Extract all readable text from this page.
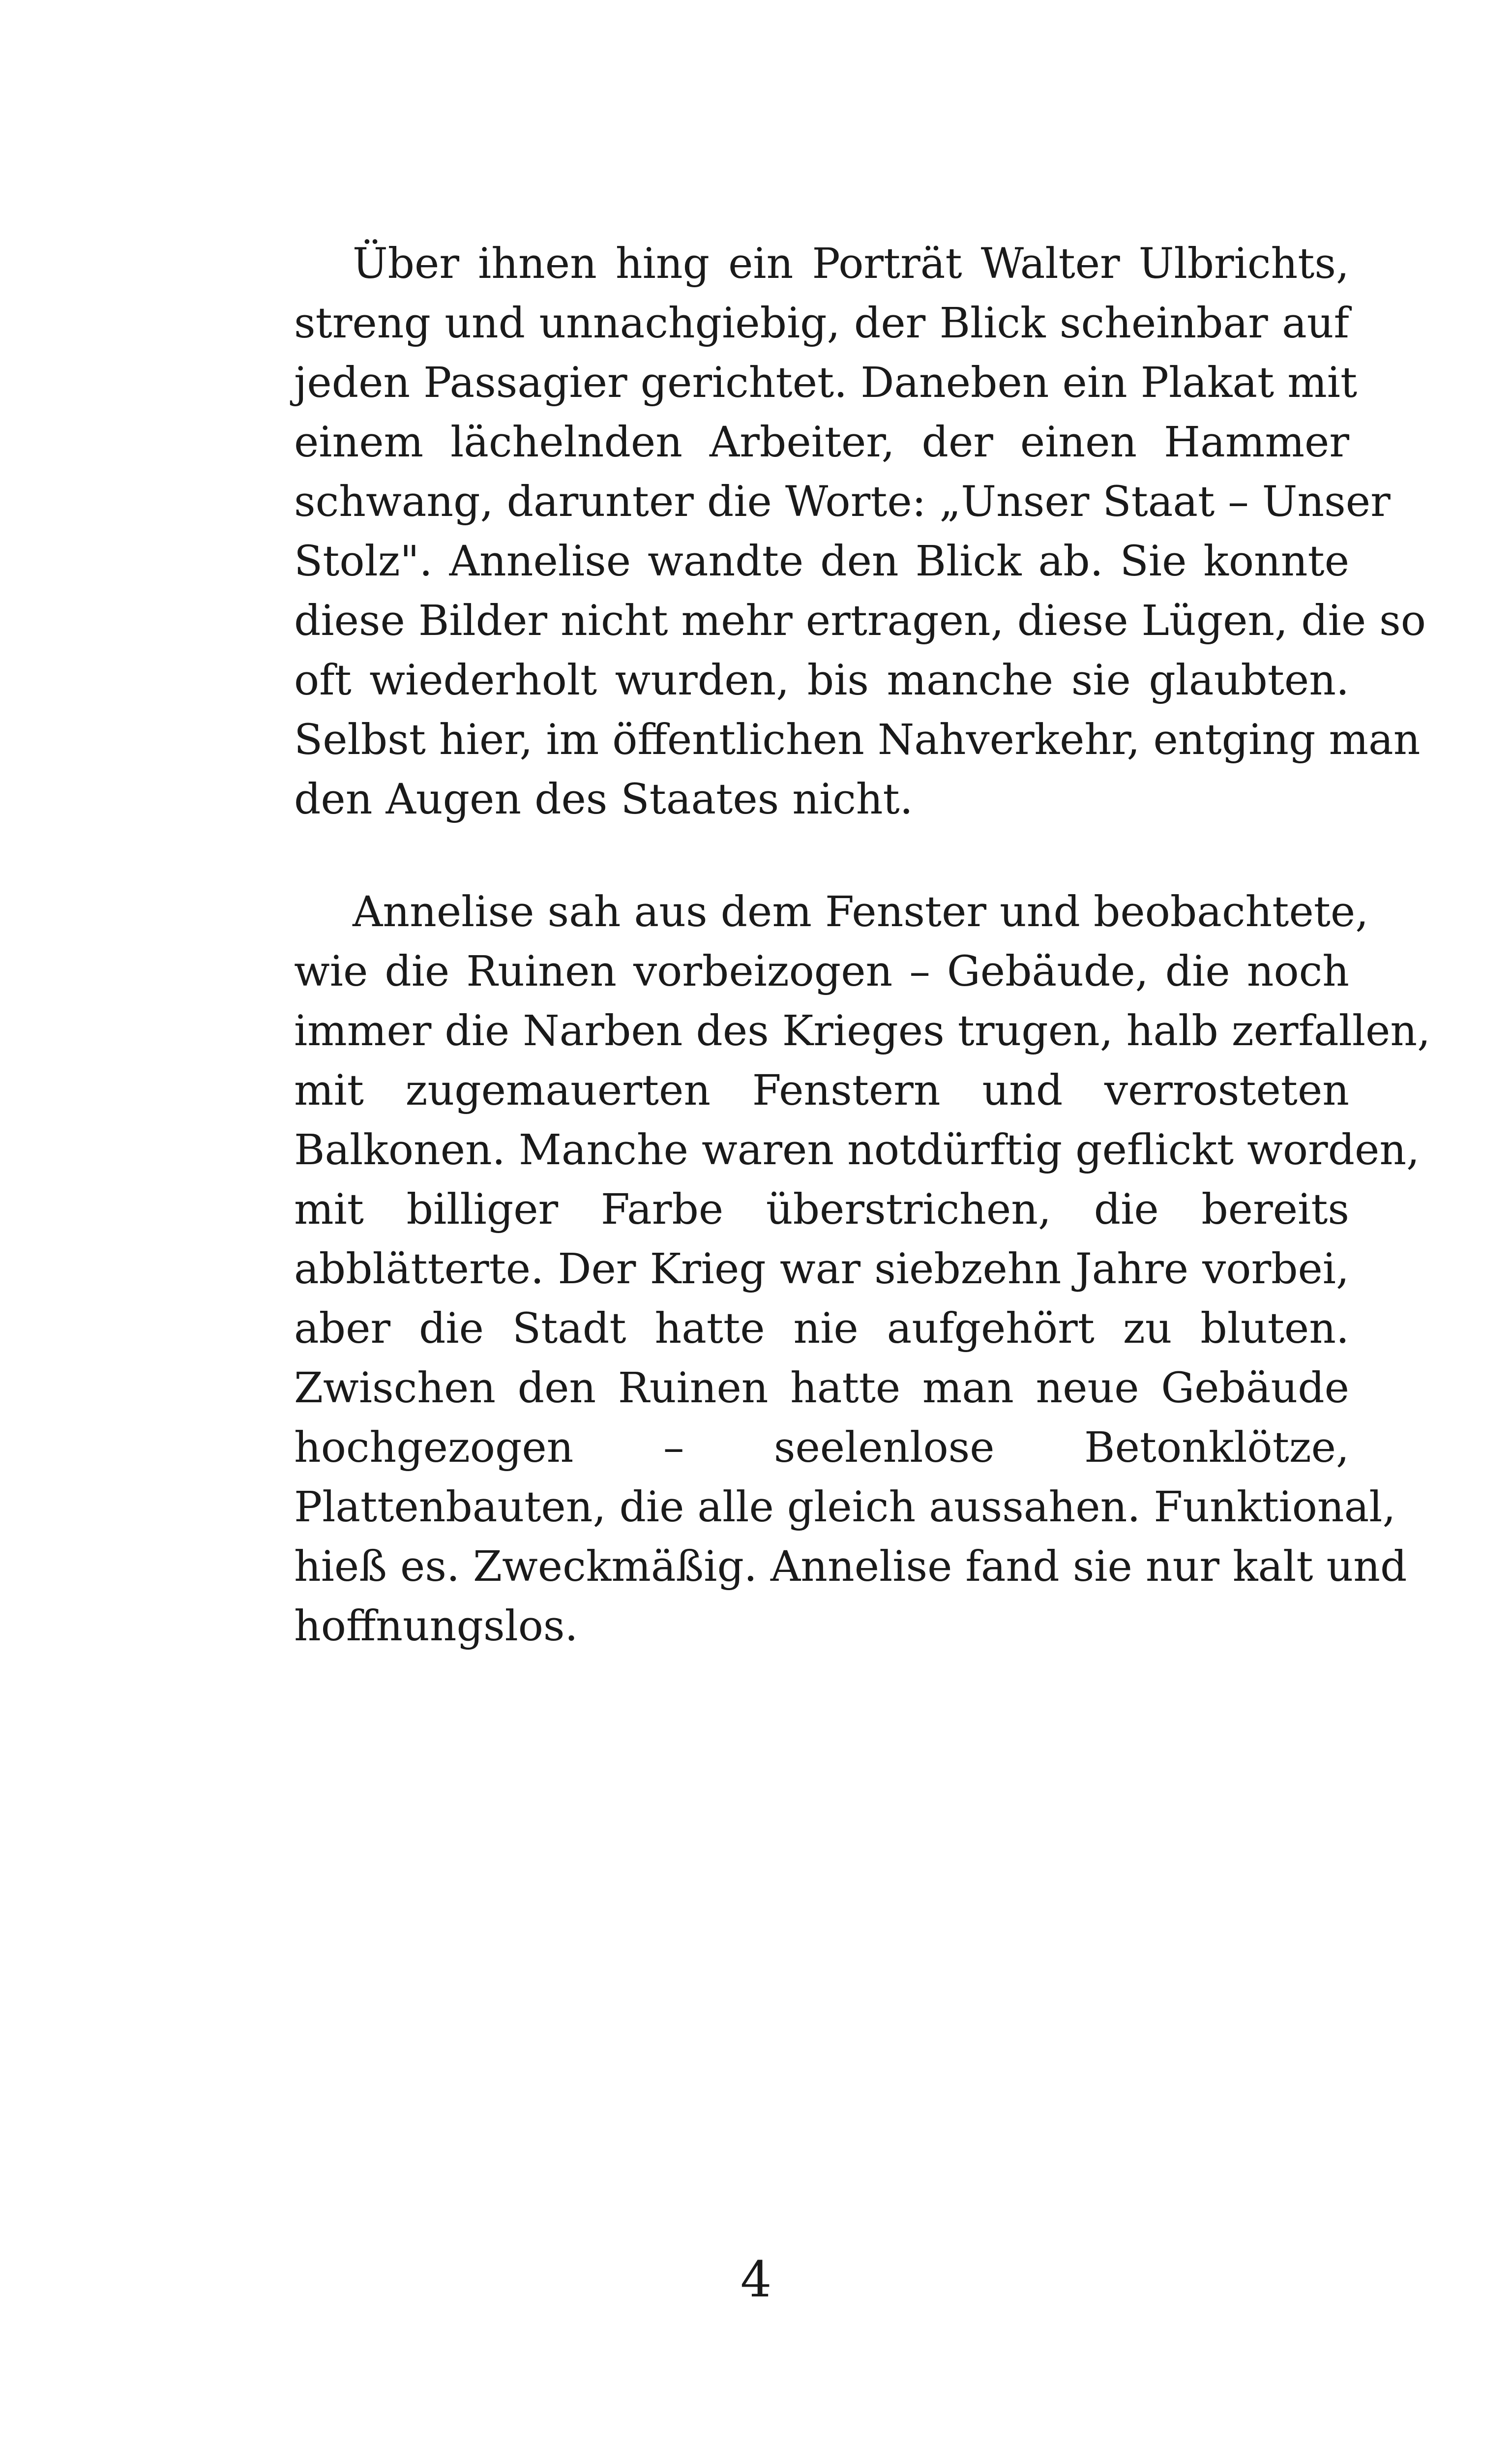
Über ihnen hing ein Porträt Walter Ulbrichts,
streng und unnachgiebig, der Blick scheinbar auf
jeden Passagier gerichtet. Daneben ein Plakat mit
einem lächelnden Arbeiter, der einen Hammer
schwang, darunter die Worte: „Unser Staat – Unser
Stolz". Annelise wandte den Blick ab. Sie konnte
diese Bilder nicht mehr ertragen, diese Lügen, die so
oft wiederholt wurden, bis manche sie glaubten.
Selbst hier, im öffentlichen Nahverkehr, entging man
den Augen des Staates nicht.
Annelise sah aus dem Fenster und beobachtete,
wie die Ruinen vorbeizogen – Gebäude, die noch
immer die Narben des Krieges trugen, halb zerfallen,
mit zugemauerten Fenstern und verrosteten
Balkonen. Manche waren notdürftig geflickt worden,
mit billiger Farbe überstrichen, die bereits
abblätterte. Der Krieg war siebzehn Jahre vorbei,
aber die Stadt hatte nie aufgehört zu bluten.
Zwischen den Ruinen hatte man neue Gebäude
hochgezogen – seelenlose Betonklötze,
Plattenbauten, die alle gleich aussahen. Funktional,
hieß es. Zweckmäßig. Annelise fand sie nur kalt und
hoffnungslos.
4
